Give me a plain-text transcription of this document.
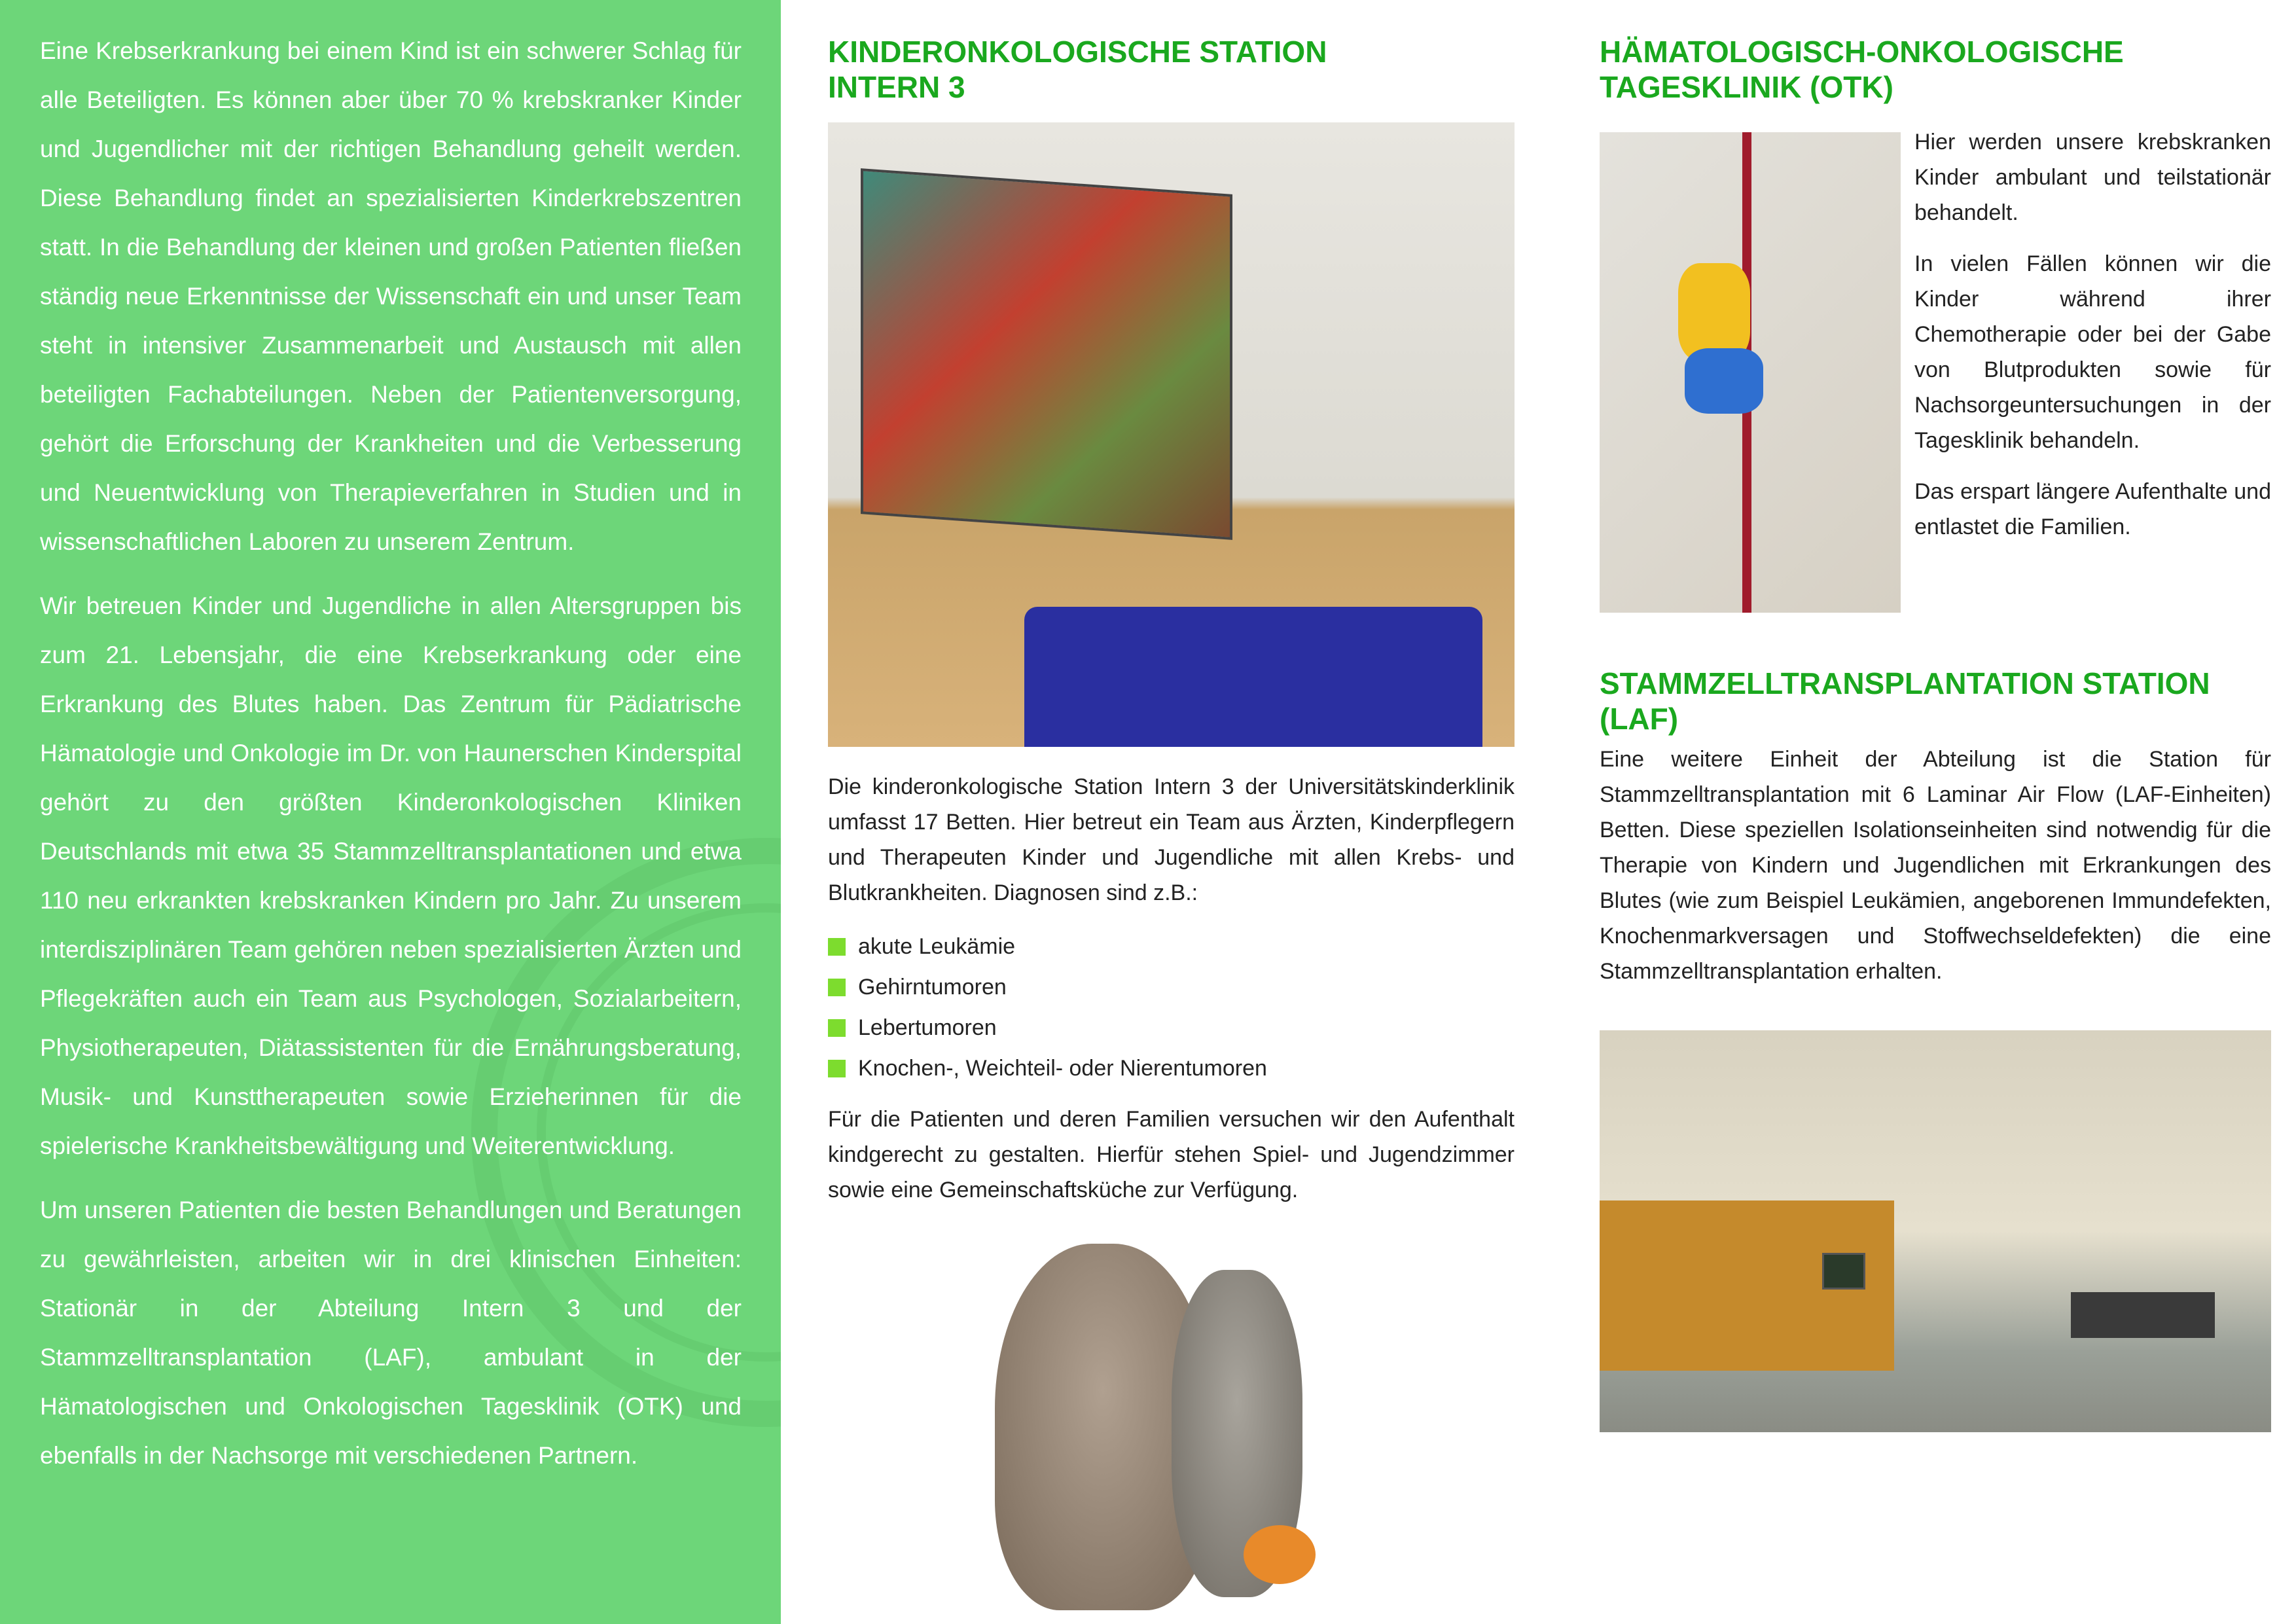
Eine Krebserkrankung bei einem Kind ist ein schwerer Schlag für alle Beteiligten. Es können aber über 70 % krebskranker Kinder und Jugendlicher mit der richtigen Behandlung geheilt werden. Diese Behandlung findet an spezialisierten Kinderkrebszentren statt. In die Behandlung der kleinen und großen Patienten fließen ständig neue Erkenntnisse der Wissenschaft ein und unser Team steht in intensiver Zusammenarbeit und Austausch mit allen beteiligten Fachabteilungen. Neben der Patientenversorgung, gehört die Erforschung der Krankheiten und die Verbesserung und Neuentwicklung von Therapieverfahren in Studien und in wissenschaftlichen Laboren zu unserem Zentrum.

Wir betreuen Kinder und Jugendliche in allen Altersgruppen bis zum 21. Lebensjahr, die eine Krebserkrankung oder eine Erkrankung des Blutes haben. Das Zentrum für Pädiatrische Hämatologie und Onkologie im Dr. von Haunerschen Kinderspital gehört zu den größten Kinderonkologischen Kliniken Deutschlands mit etwa 35 Stammzelltransplantationen und etwa 110 neu erkrankten krebskranken Kindern pro Jahr. Zu unserem interdisziplinären Team gehören neben spezialisierten Ärzten und Pflegekräften auch ein Team aus Psychologen, Sozialarbeitern, Physiotherapeuten, Diätassistenten für die Ernährungsberatung, Musik- und Kunsttherapeuten sowie Erzieherinnen für die spielerische Krankheitsbewältigung und Weiterentwicklung.

Um unseren Patienten die besten Behandlungen und Beratungen zu gewährleisten, arbeiten wir in drei klinischen Einheiten: Stationär in der Abteilung Intern 3 und der Stammzelltransplantation (LAF), ambulant in der Hämatologischen und Onkologischen Tagesklinik (OTK) und ebenfalls in der Nachsorge mit verschiedenen Partnern.

KINDERONKOLOGISCHE STATION
INTERN 3

Die kinderonkologische Station Intern 3 der Universitätskinderklinik umfasst 17 Betten. Hier betreut ein Team aus Ärzten, Kinderpflegern und Therapeuten Kinder und Jugendliche mit allen Krebs- und Blutkrankheiten. Diagnosen sind z.B.:

akute Leukämie
Gehirntumoren
Lebertumoren
Knochen-, Weichteil- oder Nierentumoren

Für die Patienten und deren Familien versuchen wir den Aufenthalt kindgerecht zu gestalten. Hierfür stehen Spiel- und Jugendzimmer sowie eine Gemeinschaftsküche zur Verfügung.

HÄMATOLOGISCH-ONKOLOGISCHE
TAGESKLINIK (OTK)

Hier werden unsere krebskranken Kinder ambulant und teilstationär behandelt.

In vielen Fällen können wir die Kinder während ihrer Chemotherapie oder bei der Gabe von Blutprodukten sowie für Nachsorgeuntersuchungen in der Tagesklinik behandeln.

Das erspart längere Aufenthalte und entlastet die Familien.

STAMMZELLTRANSPLANTATION STATION
(LAF)

Eine weitere Einheit der Abteilung ist die Station für Stammzelltransplantation mit 6 Laminar Air Flow (LAF-Einheiten) Betten. Diese speziellen Isolationseinheiten sind notwendig für die Therapie von Kindern und Jugendlichen mit Erkrankungen des Blutes (wie zum Beispiel Leukämien, angeborenen Immundefekten, Knochenmarkversagen und Stoffwechseldefekten) die eine Stammzelltransplantation erhalten.
